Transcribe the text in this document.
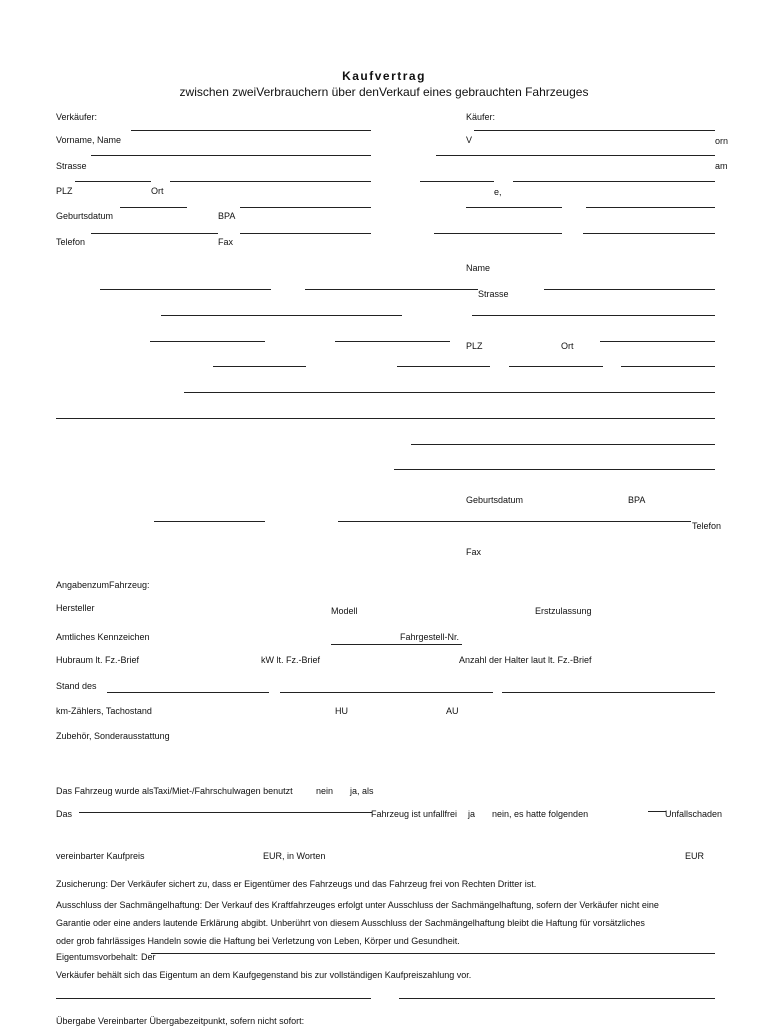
Kaufvertrag
zwischen zweiVerbrauchern über denVerkauf eines gebrauchten Fahrzeuges
Verkäufer:	Käufer:
Vorname, Name	V	orn
Strasse	am
PLZ	Ort	e,
Geburtsdatum	BPA
Telefon	Fax
Name
Strasse
PLZ	Ort
Geburtsdatum	BPA
Telefon
Fax
AngabenzumFahrzeug:
Hersteller	Modell	Erstzulassung
Amtliches Kennzeichen	Fahrgestell-Nr.
Hubraum lt. Fz.-Brief	kW lt. Fz.-Brief	Anzahl der Halter laut lt. Fz.-Brief
Stand des
km-Zählers, Tachostand	HU	AU
Zubehör, Sonderausstattung
Das Fahrzeug wurde alsTaxi/Miet-/Fahrschulwagen benutzt	nein ja, als
Das	Fahrzeug ist unfallfrei ja nein, es hatte folgenden	Unfallschaden
vereinbarter Kaufpreis	EUR, in Worten	EUR
Zusicherung: Der Verkäufer sichert zu, dass er Eigentümer des Fahrzeugs und das Fahrzeug frei von Rechten Dritter ist.
Ausschluss der Sachmängelhaftung: Der Verkauf des Kraftfahrzeuges erfolgt unter Ausschluss der Sachmängelhaftung, sofern der Verkäufer nicht eine
Garantie oder eine anders lautende Erklärung abgibt. Unberührt von diesem Ausschluss der Sachmängelhaftung bleibt die Haftung für vorsätzliches
oder grob fahrlässiges Handeln sowie die Haftung bei Verletzung von Leben, Körper und Gesundheit.
Eigentumsvorbehalt: Der
Verkäufer behält sich das Eigentum an dem Kaufgegenstand bis zur vollständigen Kaufpreiszahlung vor.
Übergabe Vereinbarter Übergabezeitpunkt, sofern nicht sofort:
